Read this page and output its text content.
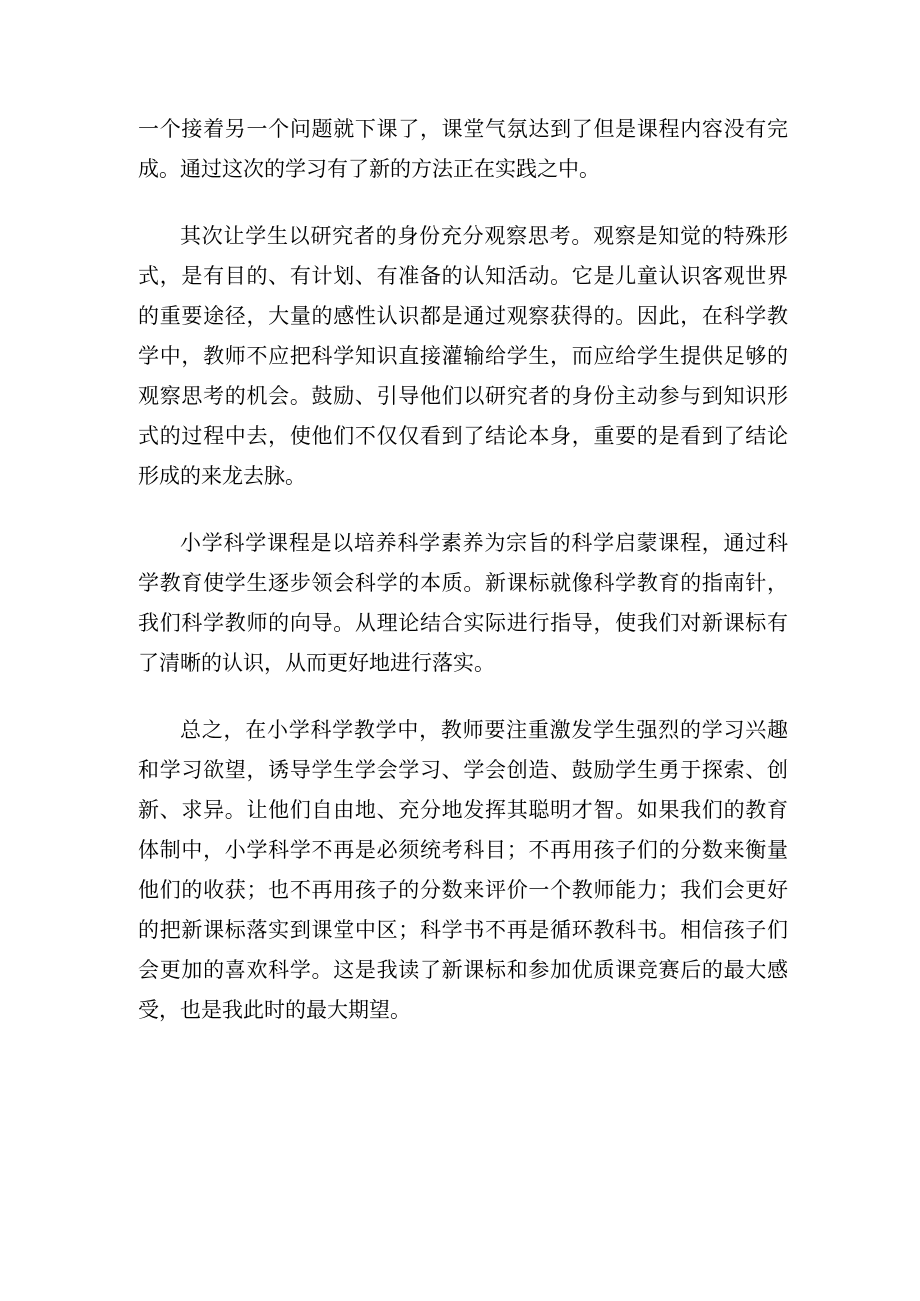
一个接着另一个问题就下课了，课堂气氛达到了但是课程内容没有完
成。通过这次的学习有了新的方法正在实践之中。
其次让学生以研究者的身份充分观察思考。观察是知觉的特殊形
式，是有目的、有计划、有准备的认知活动。它是儿童认识客观世界
的重要途径，大量的感性认识都是通过观察获得的。因此，在科学教
学中，教师不应把科学知识直接灌输给学生，而应给学生提供足够的
观察思考的机会。鼓励、引导他们以研究者的身份主动参与到知识形
式的过程中去，使他们不仅仅看到了结论本身，重要的是看到了结论
形成的来龙去脉。
小学科学课程是以培养科学素养为宗旨的科学启蒙课程，通过科
学教育使学生逐步领会科学的本质。新课标就像科学教育的指南针，
我们科学教师的向导。从理论结合实际进行指导，使我们对新课标有
了清晰的认识，从而更好地进行落实。
总之，在小学科学教学中，教师要注重激发学生强烈的学习兴趣
和学习欲望，诱导学生学会学习、学会创造、鼓励学生勇于探索、创
新、求异。让他们自由地、充分地发挥其聪明才智。如果我们的教育
体制中，小学科学不再是必须统考科目；不再用孩子们的分数来衡量
他们的收获；也不再用孩子的分数来评价一个教师能力；我们会更好
的把新课标落实到课堂中区；科学书不再是循环教科书。相信孩子们
会更加的喜欢科学。这是我读了新课标和参加优质课竞赛后的最大感
受，也是我此时的最大期望。
